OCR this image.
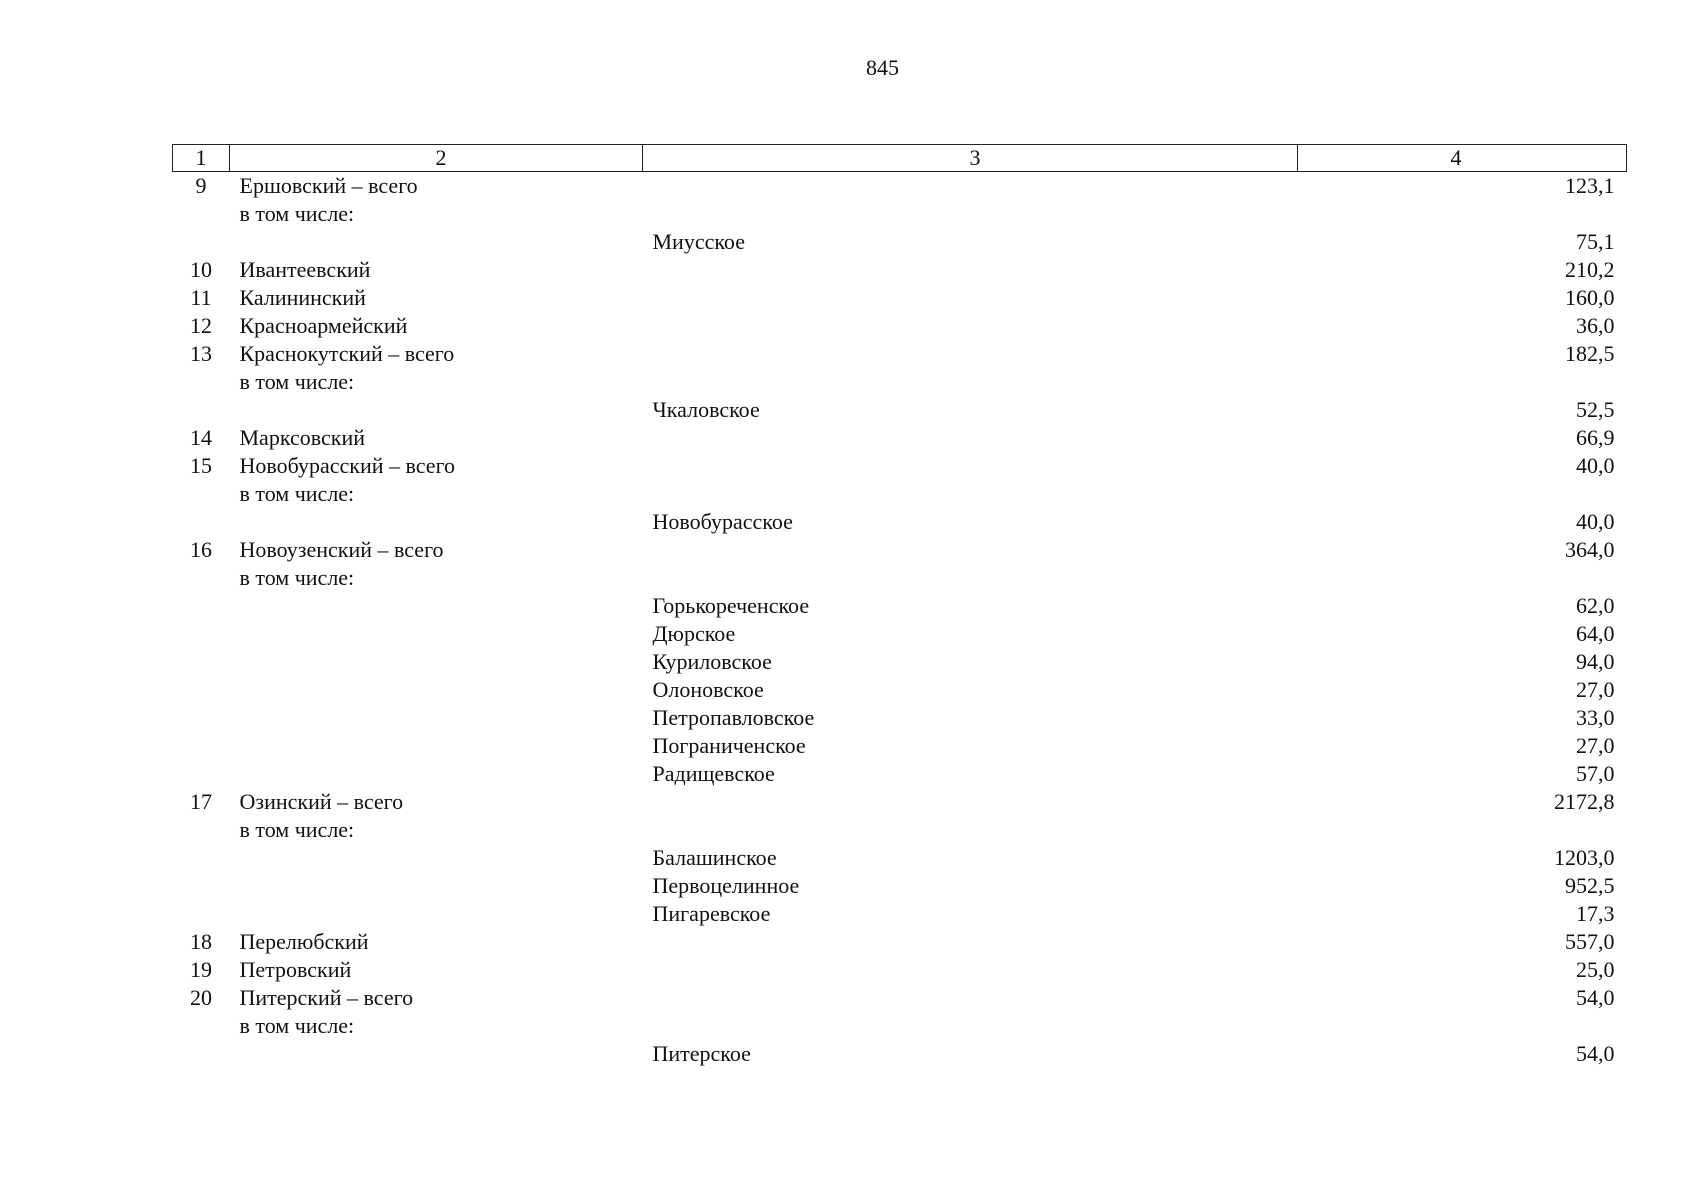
845
1	2	3	4
9	Ершовский – всего		123,1
	в том числе:		
		Миусское	75,1
10	Ивантеевский		210,2
11	Калининский		160,0
12	Красноармейский		36,0
13	Краснокутский – всего		182,5
	в том числе:		
		Чкаловское	52,5
14	Марксовский		66,9
15	Новобурасский – всего		40,0
	в том числе:		
		Новобурасское	40,0
16	Новоузенский – всего		364,0
	в том числе:		
		Горькореченское	62,0
		Дюрское	64,0
		Куриловское	94,0
		Олоновское	27,0
		Петропавловское	33,0
		Пограниченское	27,0
		Радищевское	57,0
17	Озинский – всего		2172,8
	в том числе:		
		Балашинское	1203,0
		Первоцелинное	952,5
		Пигаревское	17,3
18	Перелюбский		557,0
19	Петровский		25,0
20	Питерский – всего		54,0
	в том числе:		
		Питерское	54,0
